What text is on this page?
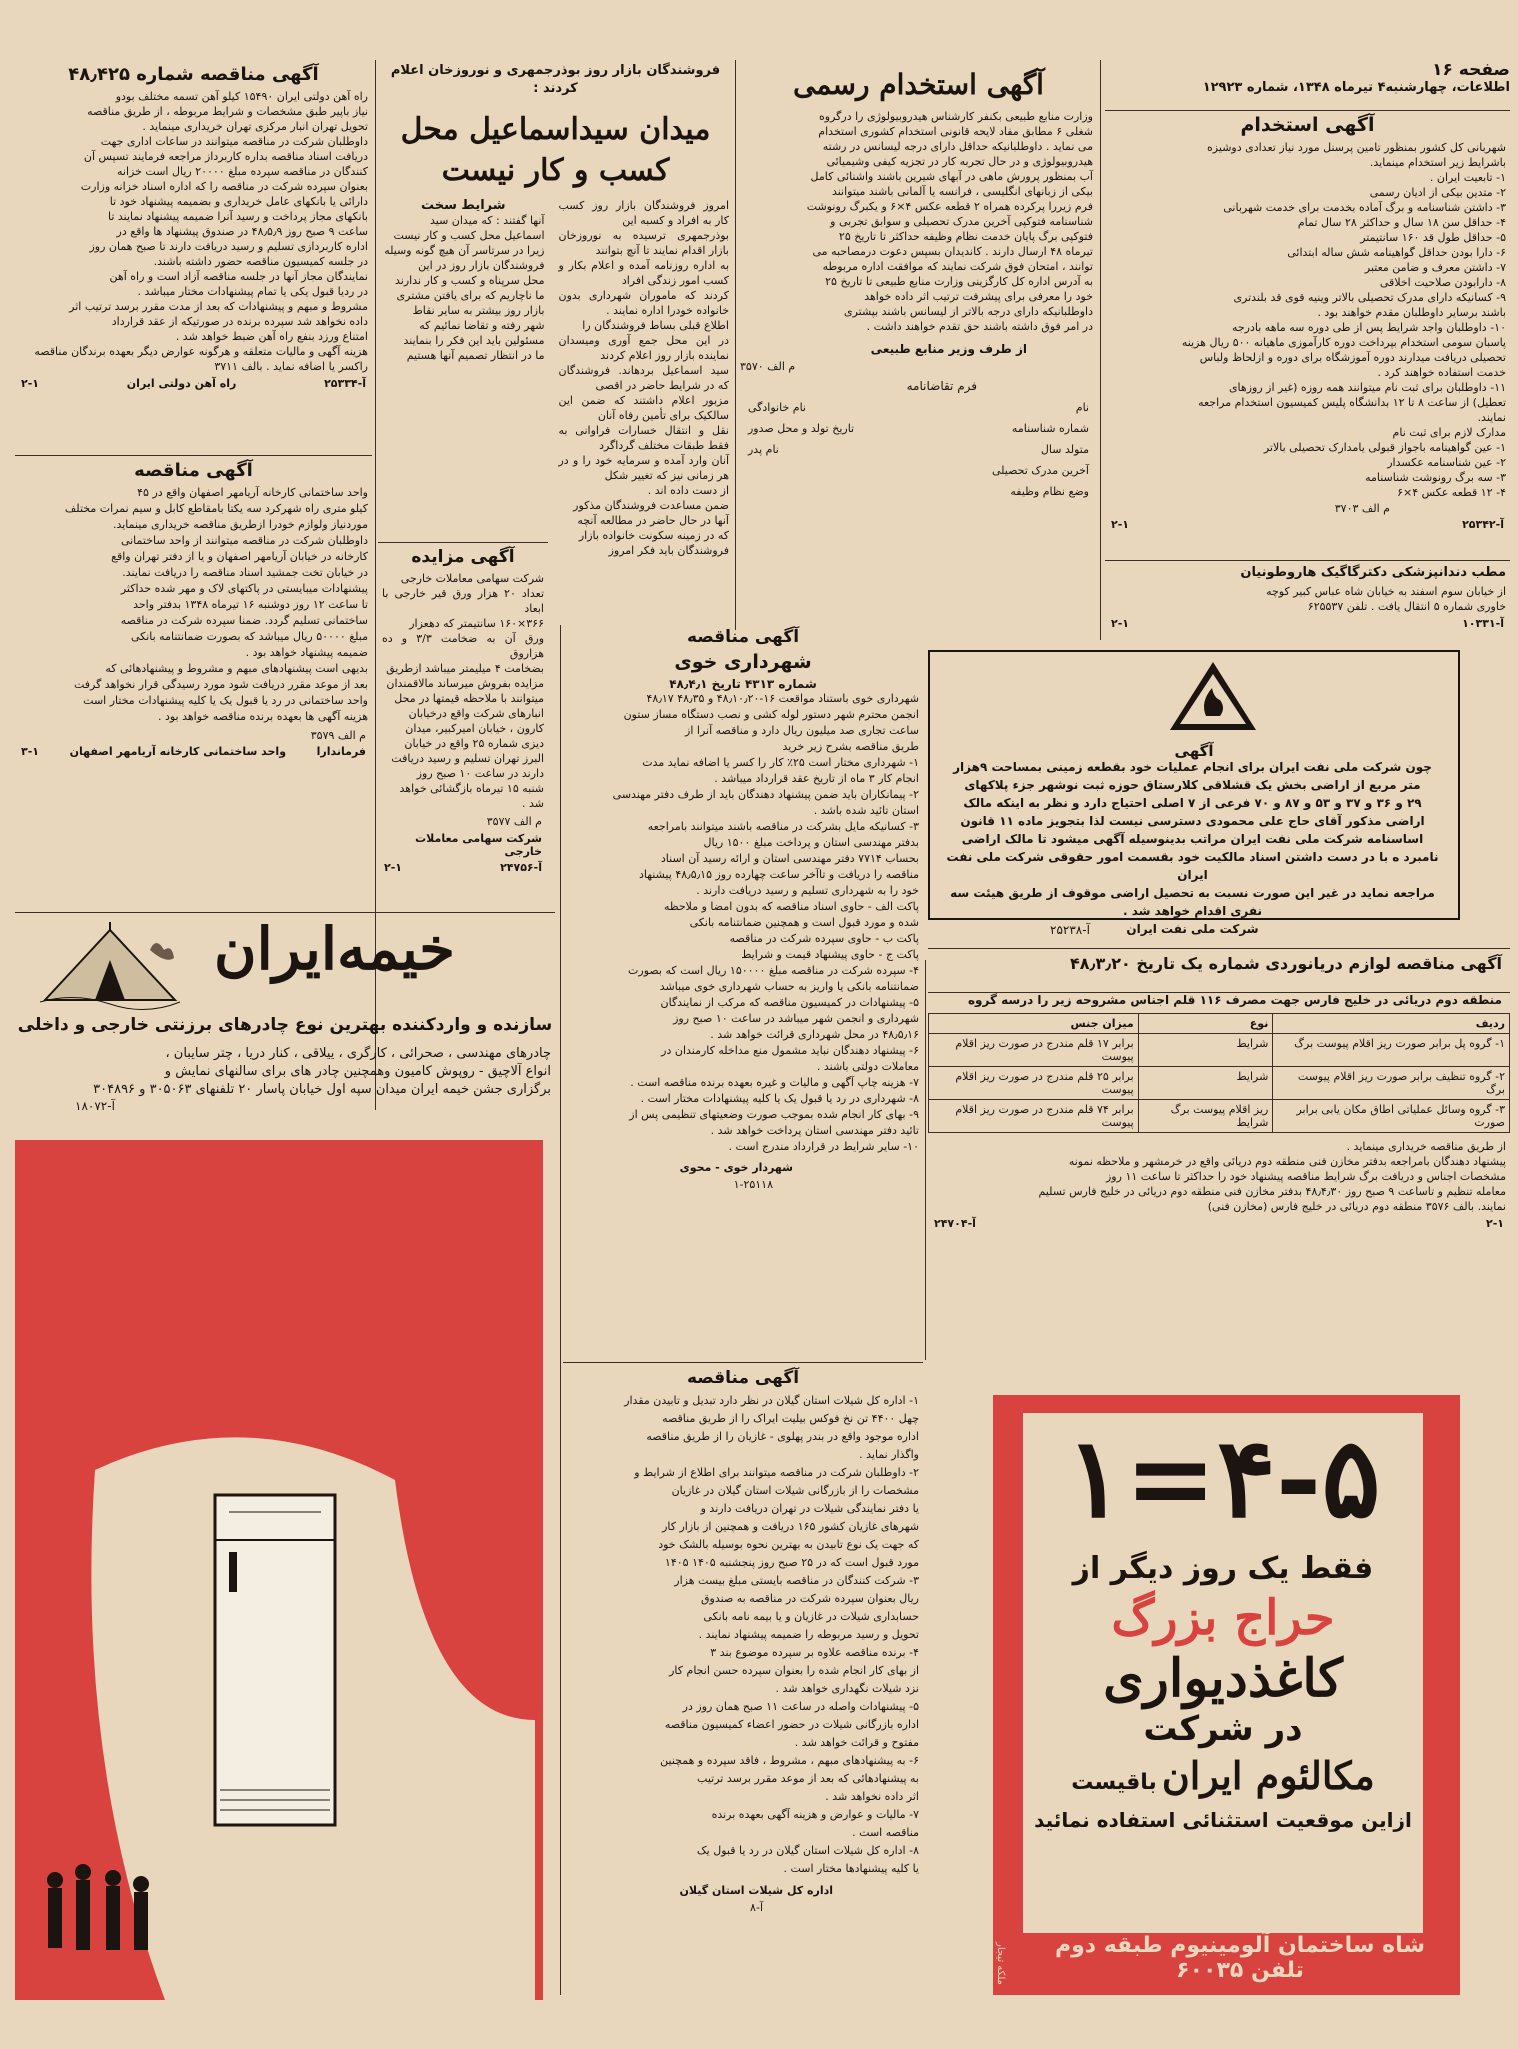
صفحه ۱۶
اطلاعات، چهارشنبه۴ تیرماه ۱۳۴۸، شماره ۱۲۹۲۳
آگهی استخدام
شهربانی کل کشور بمنظور تامین پرسنل مورد نیاز تعدادی دوشیزه
باشرایط زیر استخدام مینماید.
۱- تابعیت ایران .
۲- متدین بیکی از ادیان رسمی
۳- داشتن شناسنامه و برگ آماده بخدمت برای خدمت شهربانی
۴- حداقل سن ۱۸ سال و حداکثر ۲۸ سال تمام
۵- حداقل طول قد ۱۶۰ سانتیمتر
۶- دارا بودن حداقل گواهینامه شش ساله ابتدائی
۷- داشتن معرف و ضامن معتبر
۸- دارابودن صلاحیت اخلاقی
۹- کسانیکه دارای مدرک تحصیلی بالاتر وینیه قوی قد بلندتری
باشند برسایر داوطلبان مقدم خواهند بود .
۱۰- داوطلبان واجد شرایط پس از طی دوره سه ماهه بادرجه
پاسبان سومی استخدام بپرداخت دوره کارآموزی ماهیانه ۵۰۰ ریال هزینه
تحصیلی دریافت میدارند دوره آموزشگاه برای دوره و ازلحاظ ولباس
خدمت استفاده خواهند کرد .
۱۱- داوطلبان برای ثبت نام میتوانند همه روزه (غیر از روزهای
تعطیل) از ساعت ۸ تا ۱۲ بدانشگاه پلیس کمیسیون استخدام مراجعه
نمایند.
مدارک لازم برای ثبت نام
۱- عین گواهینامه باجواز قبولی یامدارک تحصیلی بالاتر
۲- عین شناسنامه عکسدار
۳- سه برگ رونوشت شناسنامه
۴- ۱۲ قطعه عکس ۴×۶
م الف ۳۷۰۳
آ-۲۵۳۴۲
۲-۱
مطب دندانپزشکی دکترگاگیک هاروطونیان
از خیابان سوم اسفند به خیابان شاه عباس کبیر کوچه
خاوری شماره ۵ انتقال یافت . تلفن ۶۲۵۵۳۷
آ-۱۰۳۳۱
۲-۱
آگهی استخدام رسمی
وزارت منابع طبیعی بکنفر کارشناس هیدروبیولوژی را درگروه
شغلی ۶ مطابق مفاد لایحه قانونی استخدام کشوری استخدام
می نماید . داوطلبانیکه حداقل دارای درجه لیسانس در رشته
هیدروبیولوژی و در حال تجربه کار در تجزیه کیفی وشیمیائی
آب بمنظور پرورش ماهی در آبهای شیرین باشند واشنائی کامل
بیکی از زبانهای انگلیسی ، فرانسه یا آلمانی باشند میتوانند
فرم زیررا پرکرده همراه ۲ قطعه عکس ۴×۶ و یکبرگ رونوشت
شناسنامه فتوکپی آخرین مدرک تحصیلی و سوابق تجربی و
فتوکپی برگ پایان خدمت نظام وظیفه حداکثر تا تاریخ ۲۵
تیرماه ۴۸ ارسال دارند . کاندیدان بسپس دعوت درمصاحبه می
توانند ، امتحان فوق شرکت نمایند که موافقت اداره مربوطه
به آدرس اداره کل کارگزینی وزارت منابع طبیعی تا تاریخ ۲۵
خود را معرفی برای پیشرفت ترتیب اثر داده خواهد
داوطلبانیکه دارای درجه بالاتر از لیسانس باشند بپشتری
در امر فوق داشته باشند حق تقدم خواهند داشت .
از طرف وزیر منابع طبیعی
م الف ۳۵۷۰
فرم تقاضانامه
نام
نام خانوادگی
شماره شناسنامه
تاریخ تولد و محل صدور
متولد سال
نام پدر
آخرین مدرک تحصیلی
وضع نظام وظیفه
فروشندگان بازار روز بوذرجمهری و نوروزخان اعلام کردند :
میدان سیداسماعیل محل
کسب و کار نیست
امروز فروشندگان بازار روز کسب کار به افراد و کسبه این
بوذرجمهری ترسیده به نوروزخان بازار اقدام نمایند تا آنچ بتوانند
به اداره روزنامه آمده و اعلام بکار و کسب امور زندگی افراد
کردند که ماموران شهرداری بدون خانواده خودرا اداره نمایند .
اطلاع قبلی بساط فروشندگان را
در این محل جمع آوری ومیسدان نماینده بازار روز اعلام کردند
سید اسماعیل بردهاند. فروشندگان که در شرایط حاضر در اقصی
مزبور اعلام داشتند که ضمن این سالکیک برای تأمین رفاه آنان
نقل و انتقال خسارات فراوانی به فقط طبقات مختلف گرداگرد
آنان وارد آمده و سرمایه خود را و در هر زمانی نیز که تغییر شکل
از دست داده اند .
ضمن مساعدت فروشندگان مذکور
آنها در حال حاضر در مطالعه آنچه
که در زمینه سکونت خانواده بازار
فروشندگان باید فکر امروز
شرایط سخت
آنها گفتند : که میدان سید
اسماعیل محل کسب و کار نیست
زیرا در سرتاسر آن هیچ گونه وسیله
فروشندگان بازار روز در این
محل سرپناه و کسب و کار ندارند
ما ناچاریم که برای یافتن مشتری
بازار روز بیشتر به سایر نقاط
شهر رفته و تقاضا نمائیم که
مسئولین باید این فکر را بنمایند
ما در انتظار تصمیم آنها هستیم
آگهی مزایده
شرکت سهامی معاملات خارجی
تعداد ۲۰ هزار ورق قیر خارجی با ابعاد
۳۶۶×۱۶۰ سانتیمتر که دهعزار
ورق آن به ضخامت ۳/۳ و ده هزاروق
بضخامت ۴ میلیمتر میباشد ازطریق
مزایده بفروش میرساند مالاقمندان
میتوانند با ملاحظه قیمتها در محل
انبارهای شرکت واقع درخیابان
کارون ، خیابان امیرکبیر، میدان
دیزی شماره ۲۵ واقع در خیابان
البرز تهران تسلیم و رسید دریافت
دارند در ساعت ۱۰ صبح روز
شنبه ۱۵ تیرماه بازگشائی خواهد
شد .
م الف ۳۵۷۷
شرکت سهامی معاملات خارجی
آ-۲۴۷۵۶
۲-۱
آگهی مناقصه شماره ۴۸٫۴۲۵
راه آهن دولتی ایران ۱۵۴۹۰ کیلو آهن تسمه مختلف بودو
نیاز باپیر طبق مشخصات و شرایط مربوطه ، از طریق مناقصه
تحویل تهران انبار مرکزی تهران خریداری مینماید .
داوطلبان شرکت در مناقصه میتوانند در ساعات اداری جهت
دریافت اسناد مناقصه بداره کاربرداز مراجعه فرمایند تسپس آن
کنندگان در مناقصه سپرده مبلغ ۲۰۰۰۰ ریال است خزانه
بعنوان سپرده شرکت در مناقصه را که اداره اسناد خزانه وزارت
دارائی یا بانکهای عامل خریداری و بضمیمه پیشنهاد خود تا
بانکهای مجاز پرداخت و رسید آنرا ضمیمه پیشنهاد نمایند تا
ساعت ۹ صبح روز ۴۸٫۵٫۹ در صندوق پیشنهاد ها واقع در
اداره کاربردازی تسلیم و رسید دریافت دارند تا صبح همان روز
در جلسه کمیسیون مناقصه حضور داشته باشند.
نمایندگان مجاز آنها در جلسه مناقصه آزاد است و راه آهن
در ردیا قبول یکی یا تمام پیشنهادات مختار میباشد .
مشروط و مبهم و پیشنهادات که بعد از مدت مقرر برسد ترتیب اثر
داده نخواهد شد سپرده برنده در صورتیکه از عقد قرارداد
امتناع ورزد بنفع راه آهن ضبط خواهد شد .
هزینه آگهی و مالیات متعلقه و هرگونه عوارض دیگر بعهده برندگان مناقصه
راکسر یا اضافه نماید . بالف ۳۷۱۱
آ-۲۵۳۳۴
راه آهن دولتی ایران
۲-۱
آگهی مناقصه
واحد ساختمانی کارخانه آریامهر اصفهان واقع در ۴۵
کیلو متری راه شهرکرد سه یکتا بامقاطع کابل و سیم نمرات مختلف
موردنیاز ولوازم خودرا ازطریق مناقصه خریداری مینماید.
داوطلبان شرکت در مناقصه میتوانند از واحد ساختمانی
کارخانه در خیابان آریامهر اصفهان و یا از دفتر تهران واقع
در خیابان تخت جمشید اسناد مناقصه را دریافت نمایند.
پیشنهادات میبایستی در پاکتهای لاک و مهر شده حداکثر
تا ساعت ۱۲ روز دوشنبه ۱۶ تیرماه ۱۳۴۸ بدفتر واحد
ساختمانی تسلیم گردد. ضمنا سپرده شرکت در مناقصه
مبلغ ۵۰۰۰۰ ریال میباشد که بصورت ضمانتنامه بانکی
ضمیمه پیشنهاد خواهد بود .
بدیهی است پیشنهادهای مبهم و مشروط و پیشنهادهائی که
بعد از موعد مقرر دریافت شود مورد رسیدگی قرار نخواهد گرفت
واحد ساختمانی در رد یا قبول یک یا کلیه پیشنهادات مختار است
هزینه آگهی ها بعهده برنده مناقصه خواهد بود .
م الف ۳۵۷۹
فرماندارا
واحد ساختمانی کارخانه آریامهر اصفهان
۳-۱
خیمه‌ایران
سازنده و واردکننده بهترین نوع چادرهای برزنتی خارجی و داخلی
چادرهای مهندسی ، صحرائی ، کارگری ، ییلاقی ، کنار دریا ، چتر سایبان ،
انواع آلاچیق - روپوش کامیون وهمچنین چادر های برای سالنهای نمایش و
برگزاری جشن خیمه ایران میدان سپه اول خیابان پاسار ۲۰ تلفنهای ۳۰۵۰۶۳ و ۳۰۴۸۹۶
آ-۱۸۰۷۲
آگهی مناقصه
شهرداری خوی
شماره ۴۳۱۳ تاریخ ۴۸٫۴٫۱
شهرداری خوی باستناد مواقعت ۱۶-۴۸٫۱۰٫۲۰ و ۴۸٫۳۵ ۴۸٫۱۷
انجمن محترم شهر دستور لوله کشی و نصب دستگاه مساز ستون
ساعت تجاری صد میلیون ریال دارد و مناقصه آنرا از
طریق مناقصه بشرح زیر خرید
۱- شهرداری مختار است ۲۵٪ کار را کسر یا اضافه نماید مدت
انجام کار ۳ ماه از تاریخ عقد قرارداد میباشد .
۲- پیمانکاران باید ضمن پیشنهاد دهندگان باید از طرف دفتر مهندسی
استان تائید شده باشد .
۳- کسانیکه مایل بشرکت در مناقصه باشند میتوانند بامراجعه
بدفتر مهندسی استان و پرداخت مبلغ ۱۵۰۰ ریال
بحساب ۷۷۱۴ دفتر مهندسی استان و ارائه رسید آن اسناد
مناقصه را دریافت و تاآخر ساعت چهارده روز ۴۸٫۵٫۱۵ پیشنهاد
خود را به شهرداری تسلیم و رسید دریافت دارند .
پاکت الف - حاوی اسناد مناقصه که بدون امضا و ملاحظه
شده و مورد قبول است و همچنین ضمانتنامه بانکی
پاکت ب - حاوی سپرده شرکت در مناقصه
پاکت ج - حاوی پیشنهاد قیمت و شرایط
۴- سپرده شرکت در مناقصه مبلغ ۱۵۰۰۰۰ ریال است که بصورت
ضمانتنامه بانکی یا واریز به حساب شهرداری خوی میباشد
۵- پیشنهادات در کمیسیون مناقصه که مرکب از نمایندگان
شهرداری و انجمن شهر میباشد در ساعت ۱۰ صبح روز
۴۸٫۵٫۱۶ در محل شهرداری قرائت خواهد شد .
۶- پیشنهاد دهندگان نباید مشمول منع مداخله کارمندان در
معاملات دولتی باشند .
۷- هزینه چاپ آگهی و مالیات و غیره بعهده برنده مناقصه است .
۸- شهرداری در رد یا قبول یک یا کلیه پیشنهادات مختار است .
۹- بهای کار انجام شده بموجب صورت وضعیتهای تنظیمی پس از
تائید دفتر مهندسی استان پرداخت خواهد شد .
۱۰- سایر شرایط در قرارداد مندرج است .
شهردار خوی - محوی
۱-۲۵۱۱۸
آگهی مناقصه
۱- اداره کل شیلات استان گیلان در نظر دارد تبدیل و تابیدن مقدار
چهل ۴۴۰۰ تن نخ فوکس بیلیت ایراک را از طریق مناقصه
اداره موجود واقع در بندر پهلوی - غازیان را از طریق مناقصه
واگذار نماید .
۲- داوطلبان شرکت در مناقصه میتوانند برای اطلاع از شرایط و
مشخصات را از بازرگانی شیلات استان گیلان در غازیان
یا دفتر نمایندگی شیلات در تهران دریافت دارند و
شهرهای غازیان کشور ۱۶۵ دریافت و همچنین از بازار کار
که جهت یک نوع تابیدن به بهترین نحوه بوسیله بالشک خود
مورد قبول است که در ۲۵ صبح روز پنجشنبه ۱۴۰۵ ۱۴۰۵
۳- شرکت کنندگان در مناقصه بایستی مبلغ بیست هزار
ریال بعنوان سپرده شرکت در مناقصه به صندوق
حسابداری شیلات در غازیان و یا بیمه نامه بانکی
تحویل و رسید مربوطه را ضمیمه پیشنهاد نمایند .
۴- برنده مناقصه علاوه بر سپرده موضوع بند ۳
از بهای کار انجام شده را بعنوان سپرده حسن انجام کار
نزد شیلات نگهداری خواهد شد .
۵- پیشنهادات واصله در ساعت ۱۱ صبح همان روز در
اداره بازرگانی شیلات در حضور اعضاء کمیسیون مناقصه
مفتوح و قرائت خواهد شد .
۶- به پیشنهادهای مبهم ، مشروط ، فاقد سپرده و همچنین
به پیشنهادهائی که بعد از موعد مقرر برسد ترتیب
اثر داده نخواهد شد .
۷- مالیات و عوارض و هزینه آگهی بعهده برنده
مناقصه است .
۸- اداره کل شیلات استان گیلان در رد یا قبول یک
یا کلیه پیشنهادها مختار است .
اداره کل شیلات استان گیلان
آ-۸
آگهی
چون شرکت ملی نفت ایران برای انجام عملیات خود بقطعه زمینی بمساحت ۹هزار
متر مربع از اراضی بخش یک قشلاقی کلارستاق حوزه ثبت نوشهر جزء پلاکهای
۲۹ و ۳۶ و ۳۷ و ۵۳ و ۸۷ و ۷۰ فرعی از ۷ اصلی احتیاج دارد و نظر به اینکه مالک
اراضی مذکور آقای حاج علی محمودی دسترسی نیست لذا بتجویز ماده ۱۱ قانون
اساسنامه شرکت ملی نفت ایران مراتب بدینوسیله آگهی میشود تا مالک اراضی
نامبرد ه با در دست داشتن اسناد مالکیت خود بقسمت امور حقوقی شرکت ملی نفت ایران
مراجعه نماید در غیر این صورت نسبت به تحصیل اراضی موقوف از طریق هیئت سه
نفری اقدام خواهد شد .
شرکت ملی نفت ایران
آ-۲۵۲۳۸
آگهی مناقصه لوازم دریانوردی شماره یک تاریخ ۴۸٫۳٫۲۰
منطقه دوم دریائی در خلیج فارس جهت مصرف ۱۱۶ قلم اجناس مشروحه زیر را درسه گروه
ردیف	نوع	میزان جنس
۱- گروه پل برابر صورت ریز اقلام پیوست برگ	شرایط	برابر ۱۷ قلم مندرج در صورت ریز اقلام پیوست
۲- گروه تنظیف برابر صورت ریز اقلام پیوست برگ	شرایط	برابر ۲۵ قلم مندرج در صورت ریز اقلام پیوست
۳- گروه وسائل عملیاتی اطاق مکان یابی برابر صورت	ریز اقلام پیوست برگ شرایط	برابر ۷۴ قلم مندرج در صورت ریز اقلام پیوست
از طریق مناقصه خریداری مینماید .
پیشنهاد دهندگان بامراجعه بدفتر مخازن فنی منطقه دوم دریائی واقع در خرمشهر و ملاحظه نمونه
مشخصات اجناس و دریافت برگ شرایط مناقصه پیشنهاد خود را حداکثر تا ساعت ۱۱ روز
معامله تنظیم و تاساعت ۹ صبح روز ۴۸٫۴٫۳۰ بدفتر مخازن فنی منطقه دوم دریائی در خلیج فارس تسلیم
نمایند. بالف ۳۵۷۶ منطقه دوم دریائی در خلیج فارس (مخازن فنی)
۲-۱
آ-۲۴۷۰۴
۱=۴-۵
فقط یک روز دیگر از
حراج بزرگ
کاغذدیواری
در شرکت
مکالئوم ایران باقیست
ازاین موقعیت استثنائی استفاده نمائید
شاه ساختمان آلومینیوم طبقه دوم تلفن ۶۰۰۳۵
ملکه تیجار
